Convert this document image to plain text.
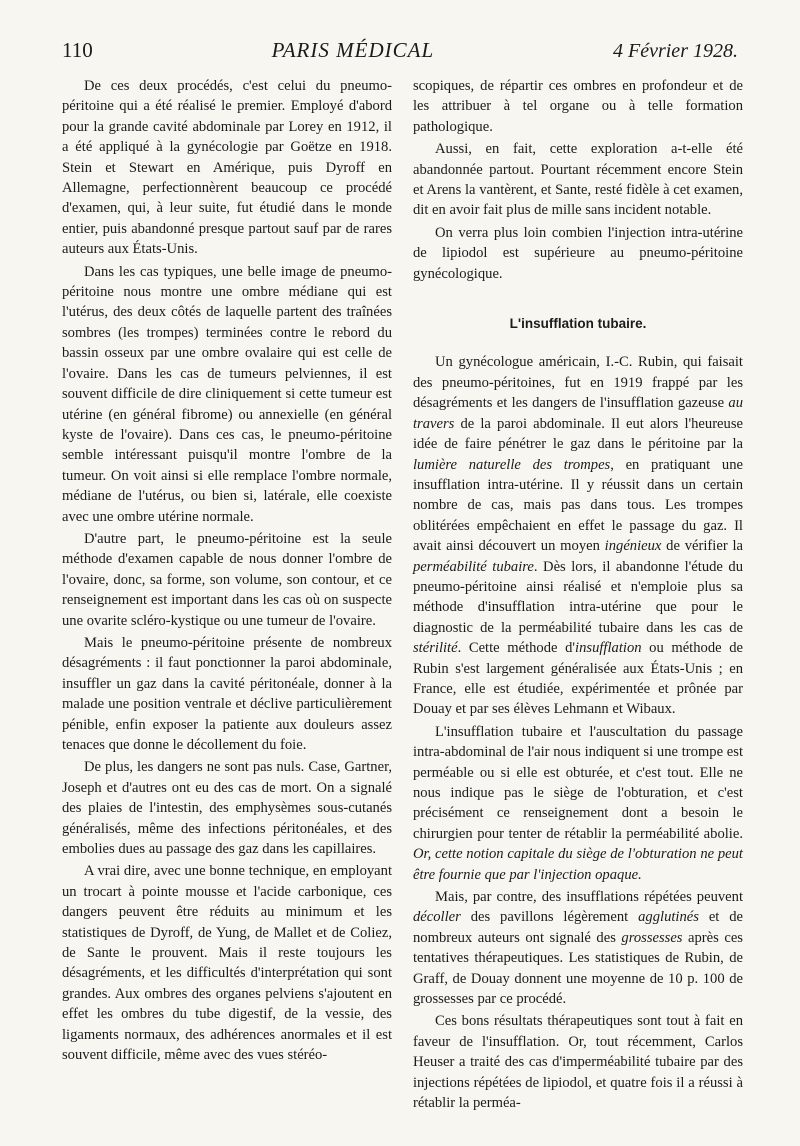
110	PARIS MÉDICAL	4 Février 1928.

De ces deux procédés, c'est celui du pneumo-péritoine qui a été réalisé le premier. Employé d'abord pour la grande cavité abdominale par Lorey en 1912, il a été appliqué à la gynécologie par Goëtze en 1918. Stein et Stewart en Amérique, puis Dyroff en Allemagne, perfectionnèrent beaucoup ce procédé d'examen, qui, à leur suite, fut étudié dans le monde entier, puis abandonné presque partout sauf par de rares auteurs aux États-Unis.

Dans les cas typiques, une belle image de pneumo-péritoine nous montre une ombre médiane qui est l'utérus, des deux côtés de laquelle partent des traînées sombres (les trompes) terminées contre le rebord du bassin osseux par une ombre ovalaire qui est celle de l'ovaire. Dans les cas de tumeurs pelviennes, il est souvent difficile de dire cliniquement si cette tumeur est utérine (en général fibrome) ou annexielle (en général kyste de l'ovaire). Dans ces cas, le pneumo-péritoine semble intéressant puisqu'il montre l'ombre de la tumeur. On voit ainsi si elle remplace l'ombre normale, médiane de l'utérus, ou bien si, latérale, elle coexiste avec une ombre utérine normale.

D'autre part, le pneumo-péritoine est la seule méthode d'examen capable de nous donner l'ombre de l'ovaire, donc, sa forme, son volume, son contour, et ce renseignement est important dans les cas où on suspecte une ovarite scléro-kystique ou une tumeur de l'ovaire.

Mais le pneumo-péritoine présente de nombreux désagréments : il faut ponctionner la paroi abdominale, insuffler un gaz dans la cavité péritonéale, donner à la malade une position ventrale et déclive particulièrement pénible, enfin exposer la patiente aux douleurs assez tenaces que donne le décollement du foie.

De plus, les dangers ne sont pas nuls. Case, Gartner, Joseph et d'autres ont eu des cas de mort. On a signalé des plaies de l'intestin, des emphysèmes sous-cutanés généralisés, même des infections péritonéales, et des embolies dues au passage des gaz dans les capillaires.

A vrai dire, avec une bonne technique, en employant un trocart à pointe mousse et l'acide carbonique, ces dangers peuvent être réduits au minimum et les statistiques de Dyroff, de Yung, de Mallet et de Coliez, de Sante le prouvent. Mais il reste toujours les désagréments, et les difficultés d'interprétation qui sont grandes. Aux ombres des organes pelviens s'ajoutent en effet les ombres du tube digestif, de la vessie, des ligaments normaux, des adhérences anormales et il est souvent difficile, même avec des vues stéréo-

scopiques, de répartir ces ombres en profondeur et de les attribuer à tel organe ou à telle formation pathologique.

Aussi, en fait, cette exploration a-t-elle été abandonnée partout. Pourtant récemment encore Stein et Arens la vantèrent, et Sante, resté fidèle à cet examen, dit en avoir fait plus de mille sans incident notable.

On verra plus loin combien l'injection intra-utérine de lipiodol est supérieure au pneumo-péritoine gynécologique.

L'insufflation tubaire.

Un gynécologue américain, I.-C. Rubin, qui faisait des pneumo-péritoines, fut en 1919 frappé par les désagréments et les dangers de l'insufflation gazeuse au travers de la paroi abdominale. Il eut alors l'heureuse idée de faire pénétrer le gaz dans le péritoine par la lumière naturelle des trompes, en pratiquant une insufflation intra-utérine. Il y réussit dans un certain nombre de cas, mais pas dans tous. Les trompes oblitérées empêchaient en effet le passage du gaz. Il avait ainsi découvert un moyen ingénieux de vérifier la perméabilité tubaire. Dès lors, il abandonne l'étude du pneumo-péritoine ainsi réalisé et n'emploie plus sa méthode d'insufflation intra-utérine que pour le diagnostic de la perméabilité tubaire dans les cas de stérilité. Cette méthode d'insufflation ou méthode de Rubin s'est largement généralisée aux États-Unis ; en France, elle est étudiée, expérimentée et prônée par Douay et par ses élèves Lehmann et Wibaux.

L'insufflation tubaire et l'auscultation du passage intra-abdominal de l'air nous indiquent si une trompe est perméable ou si elle est obturée, et c'est tout. Elle ne nous indique pas le siège de l'obturation, et c'est précisément ce renseignement dont a besoin le chirurgien pour tenter de rétablir la perméabilité abolie. Or, cette notion capitale du siège de l'obturation ne peut être fournie que par l'injection opaque.

Mais, par contre, des insufflations répétées peuvent décoller des pavillons légèrement agglutinés et de nombreux auteurs ont signalé des grossesses après ces tentatives thérapeutiques. Les statistiques de Rubin, de Graff, de Douay donnent une moyenne de 10 p. 100 de grossesses par ce procédé.

Ces bons résultats thérapeutiques sont tout à fait en faveur de l'insufflation. Or, tout récemment, Carlos Heuser a traité des cas d'imperméabilité tubaire par des injections répétées de lipiodol, et quatre fois il a réussi à rétablir la perméa-
